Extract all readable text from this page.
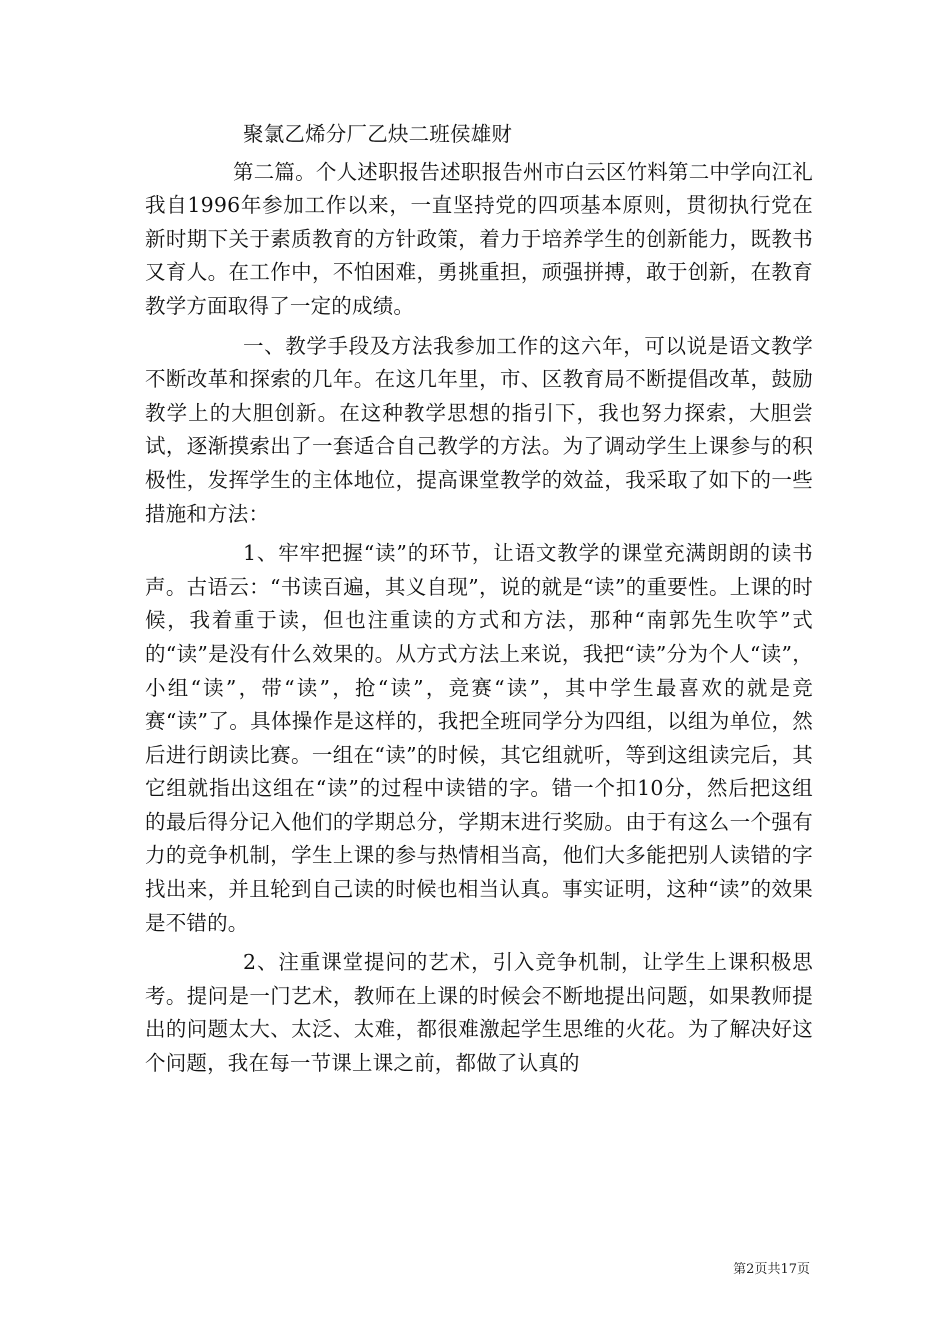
聚氯乙烯分厂乙炔二班侯雄财

第二篇。个人述职报告述职报告州市白云区竹料第二中学向江礼我自1996年参加工作以来，一直坚持党的四项基本原则，贯彻执行党在新时期下关于素质教育的方针政策，着力于培养学生的创新能力，既教书又育人。在工作中，不怕困难，勇挑重担，顽强拼搏，敢于创新，在教育教学方面取得了一定的成绩。

一、教学手段及方法我参加工作的这六年，可以说是语文教学不断改革和探索的几年。在这几年里，市、区教育局不断提倡改革，鼓励教学上的大胆创新。在这种教学思想的指引下，我也努力探索，大胆尝试，逐渐摸索出了一套适合自己教学的方法。为了调动学生上课参与的积极性，发挥学生的主体地位，提高课堂教学的效益，我采取了如下的一些措施和方法：

1、牢牢把握“读”的环节，让语文教学的课堂充满朗朗的读书声。古语云：“书读百遍，其义自现”，说的就是“读”的重要性。上课的时候，我着重于读，但也注重读的方式和方法，那种“南郭先生吹竽”式的“读”是没有什么效果的。从方式方法上来说，我把“读”分为个人“读”，小组“读”，带“读”，抢“读”，竞赛“读”，其中学生最喜欢的就是竞赛“读”了。具体操作是这样的，我把全班同学分为四组，以组为单位，然后进行朗读比赛。一组在“读”的时候，其它组就听，等到这组读完后，其它组就指出这组在“读”的过程中读错的字。错一个扣10分，然后把这组的最后得分记入他们的学期总分，学期末进行奖励。由于有这么一个强有力的竞争机制，学生上课的参与热情相当高，他们大多能把别人读错的字找出来，并且轮到自己读的时候也相当认真。事实证明，这种“读”的效果是不错的。

2、注重课堂提问的艺术，引入竞争机制，让学生上课积极思考。提问是一门艺术，教师在上课的时候会不断地提出问题，如果教师提出的问题太大、太泛、太难，都很难激起学生思维的火花。为了解决好这个问题，我在每一节课上课之前，都做了认真的

第2页共17页
